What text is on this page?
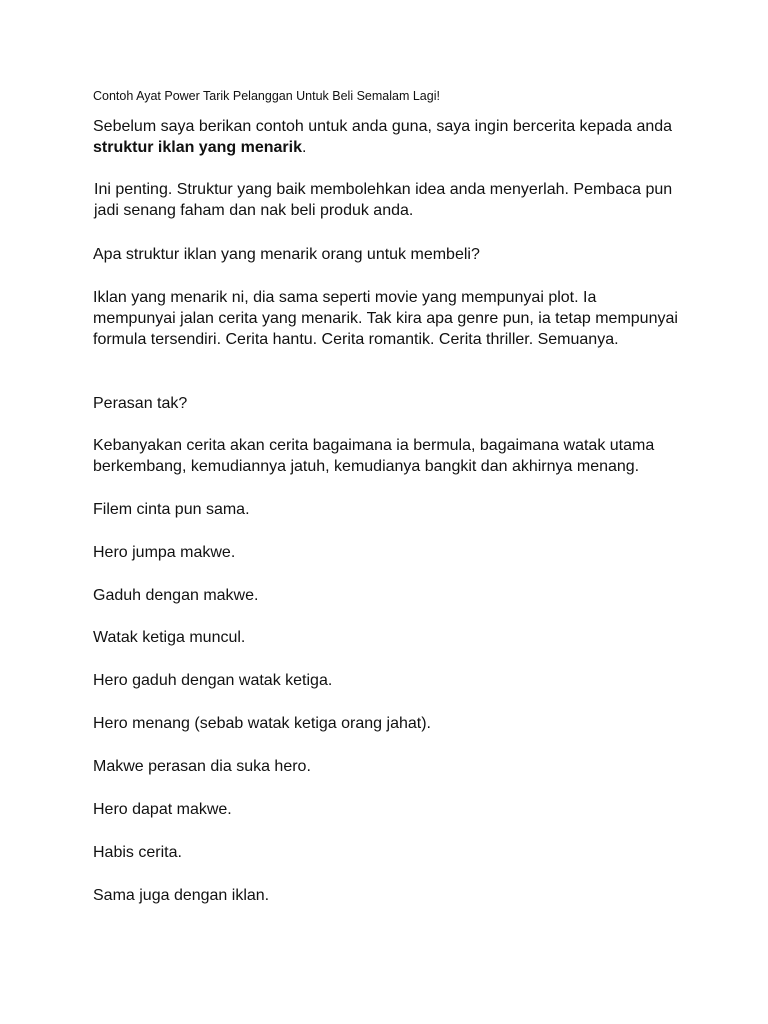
Contoh Ayat Power Tarik Pelanggan Untuk Beli Semalam Lagi!

Sebelum saya berikan contoh untuk anda guna, saya ingin bercerita kepada anda struktur iklan yang menarik.

Ini penting. Struktur yang baik membolehkan idea anda menyerlah. Pembaca pun jadi senang faham dan nak beli produk anda.

Apa struktur iklan yang menarik orang untuk membeli?

Iklan yang menarik ni, dia sama seperti movie yang mempunyai plot. Ia mempunyai jalan cerita yang menarik. Tak kira apa genre pun, ia tetap mempunyai formula tersendiri. Cerita hantu. Cerita romantik. Cerita thriller. Semuanya.

Perasan tak?

Kebanyakan cerita akan cerita bagaimana ia bermula, bagaimana watak utama berkembang, kemudiannya jatuh, kemudianya bangkit dan akhirnya menang.

Filem cinta pun sama.

Hero jumpa makwe.

Gaduh dengan makwe.

Watak ketiga muncul.

Hero gaduh dengan watak ketiga.

Hero menang (sebab watak ketiga orang jahat).

Makwe perasan dia suka hero.

Hero dapat makwe.

Habis cerita.

Sama juga dengan iklan.
